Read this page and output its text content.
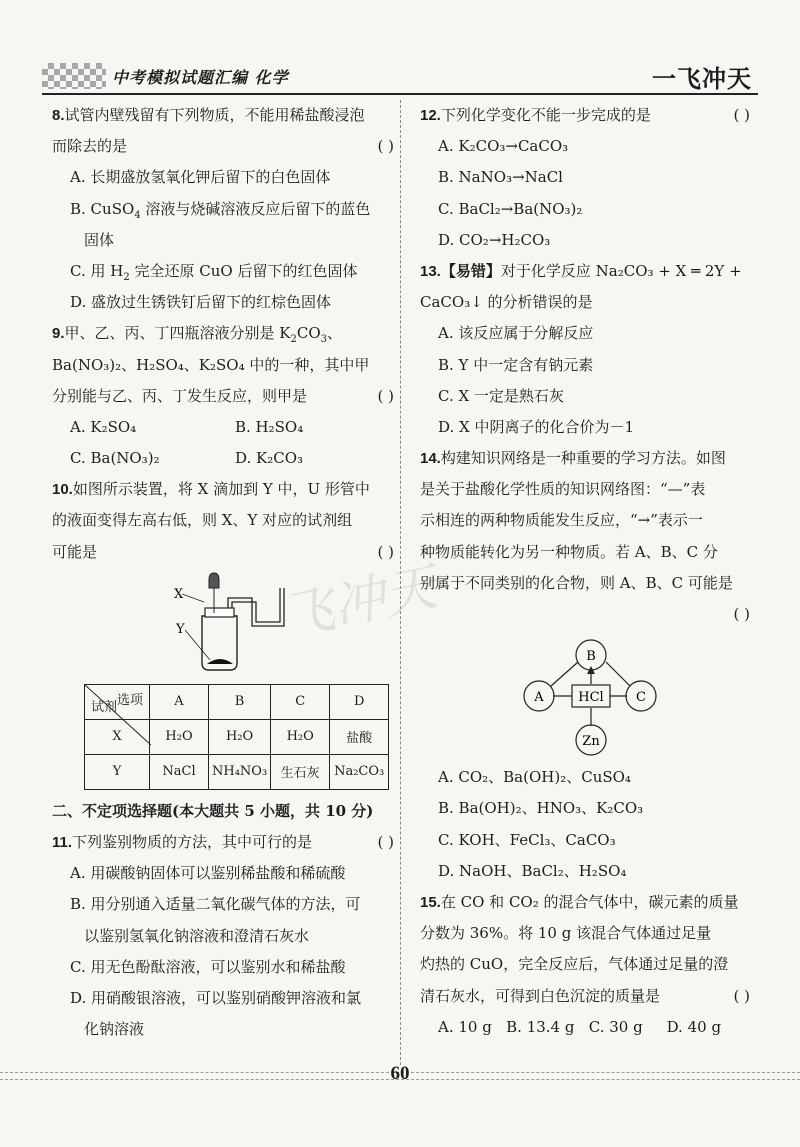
中考模拟试题汇编 化学	一飞冲天
飞冲天
8.试管内壁残留有下列物质，不能用稀盐酸浸泡
而除去的是	( )
A. 长期盛放氢氧化钾后留下的白色固体
B. CuSO$_4$ 溶液与烧碱溶液反应后留下的蓝色
固体
C. 用 $H_2$ 完全还原 CuO 后留下的红色固体
D. 盛放过生锈铁钉后留下的红棕色固体
9.甲、乙、丙、丁四瓶溶液分别是 $K_2CO_3$、
Ba(NO₃)₂、H₂SO₄、K₂SO₄ 中的一种，其中甲
分别能与乙、丙、丁发生反应，则甲是	( )
A. K₂SO₄	B. H₂SO₄
C. Ba(NO₃)₂	D. K₂CO₃
10.如图所示装置，将 X 滴加到 Y 中，U 形管中
的液面变得左高右低，则 X、Y 对应的试剂组
可能是	( )
X
Y
选项
试剂	A	B	C	D
X	H₂O	H₂O	H₂O	盐酸
Y	NaCl	NH₄NO₃	生石灰	Na₂CO₃
二、不定项选择题(本大题共 5 小题，共 10 分)
11.下列鉴别物质的方法，其中可行的是	( )
A. 用碳酸钠固体可以鉴别稀盐酸和稀硫酸
B. 用分别通入适量二氧化碳气体的方法，可
以鉴别氢氧化钠溶液和澄清石灰水
C. 用无色酚酞溶液，可以鉴别水和稀盐酸
D. 用硝酸银溶液，可以鉴别硝酸钾溶液和氯
化钠溶液
12.下列化学变化不能一步完成的是	( )
A. K₂CO₃→CaCO₃
B. NaNO₃→NaCl
C. BaCl₂→Ba(NO₃)₂
D. CO₂→H₂CO₃
13.【易错】对于化学反应 Na₂CO₃ + X ═ 2Y +
CaCO₃↓ 的分析错误的是
A. 该反应属于分解反应
B. Y 中一定含有钠元素
C. X 一定是熟石灰
D. X 中阴离子的化合价为－1
14.构建知识网络是一种重要的学习方法。如图
是关于盐酸化学性质的知识网络图：“—”表
示相连的两种物质能发生反应，“→”表示一
种物质能转化为另一种物质。若 A、B、C 分
别属于不同类别的化合物，则 A、B、C 可能是
( )
A
B
C
HCl
Zn
A. CO₂、Ba(OH)₂、CuSO₄
B. Ba(OH)₂、HNO₃、K₂CO₃
C. KOH、FeCl₃、CaCO₃
D. NaOH、BaCl₂、H₂SO₄
15.在 CO 和 CO₂ 的混合气体中，碳元素的质量
分数为 36%。将 10 g 该混合气体通过足量
灼热的 CuO，完全反应后，气体通过足量的澄
清石灰水，可得到白色沉淀的质量是	( )
A. 10 g B. 13.4 g C. 30 g D. 40 g
60
